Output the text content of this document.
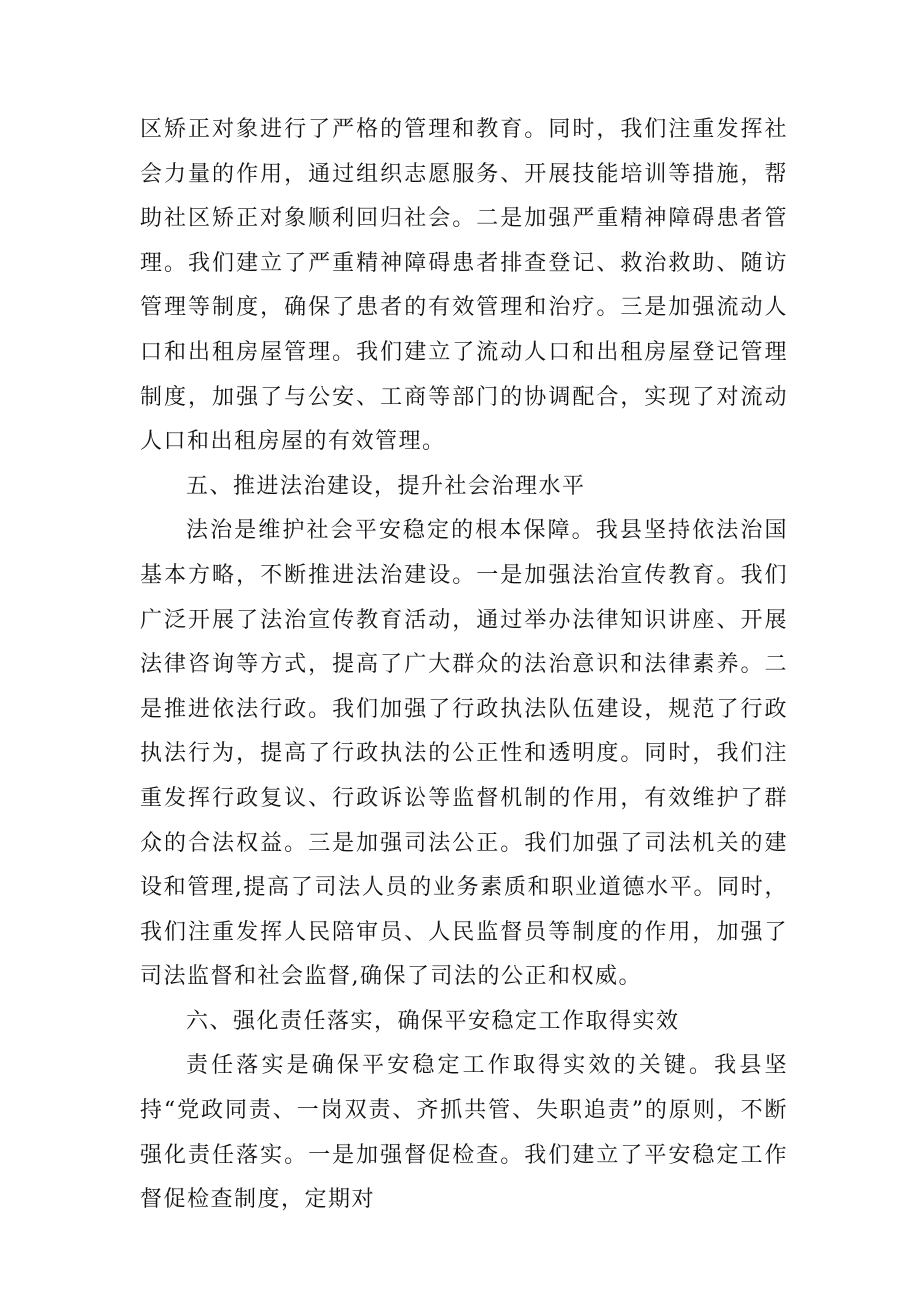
区矫正对象进行了严格的管理和教育。同时，我们注重发挥社会力量的作用，通过组织志愿服务、开展技能培训等措施，帮助社区矫正对象顺利回归社会。二是加强严重精神障碍患者管理。我们建立了严重精神障碍患者排查登记、救治救助、随访管理等制度，确保了患者的有效管理和治疗。三是加强流动人口和出租房屋管理。我们建立了流动人口和出租房屋登记管理制度，加强了与公安、工商等部门的协调配合，实现了对流动人口和出租房屋的有效管理。

五、推进法治建设，提升社会治理水平

法治是维护社会平安稳定的根本保障。我县坚持依法治国基本方略，不断推进法治建设。一是加强法治宣传教育。我们广泛开展了法治宣传教育活动，通过举办法律知识讲座、开展法律咨询等方式，提高了广大群众的法治意识和法律素养。二是推进依法行政。我们加强了行政执法队伍建设，规范了行政执法行为，提高了行政执法的公正性和透明度。同时，我们注重发挥行政复议、行政诉讼等监督机制的作用，有效维护了群众的合法权益。三是加强司法公正。我们加强了司法机关的建设和管理,提高了司法人员的业务素质和职业道德水平。同时，我们注重发挥人民陪审员、人民监督员等制度的作用，加强了司法监督和社会监督,确保了司法的公正和权威。

六、强化责任落实，确保平安稳定工作取得实效

责任落实是确保平安稳定工作取得实效的关键。我县坚持“党政同责、一岗双责、齐抓共管、失职追责”的原则，不断强化责任落实。一是加强督促检查。我们建立了平安稳定工作督促检查制度，定期对
